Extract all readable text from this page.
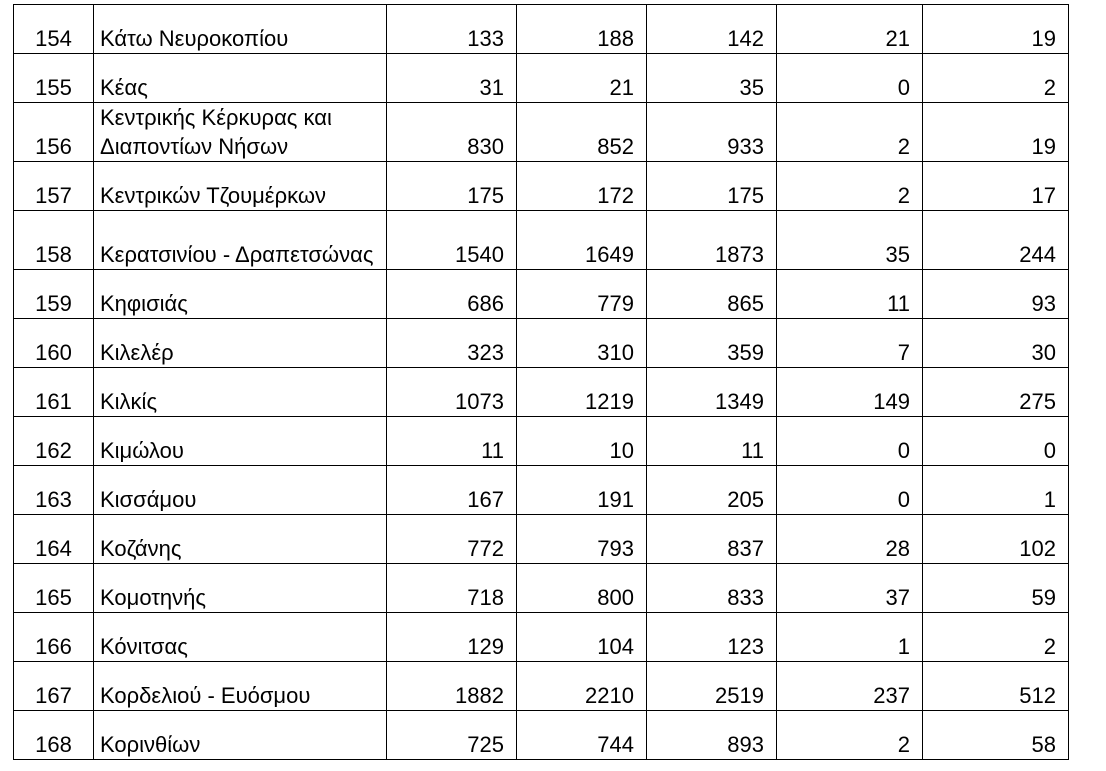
154	Κάτω Νευροκοπίου	133	188	142	21	19
155	Κέας	31	21	35	0	2
156	Κεντρικής Κέρκυρας και Διαποντίων Νήσων	830	852	933	2	19
157	Κεντρικών Τζουμέρκων	175	172	175	2	17
158	Κερατσινίου - Δραπετσώνας	1540	1649	1873	35	244
159	Κηφισιάς	686	779	865	11	93
160	Κιλελέρ	323	310	359	7	30
161	Κιλκίς	1073	1219	1349	149	275
162	Κιμώλου	11	10	11	0	0
163	Κισσάμου	167	191	205	0	1
164	Κοζάνης	772	793	837	28	102
165	Κομοτηνής	718	800	833	37	59
166	Κόνιτσας	129	104	123	1	2
167	Κορδελιού - Ευόσμου	1882	2210	2519	237	512
168	Κορινθίων	725	744	893	2	58
